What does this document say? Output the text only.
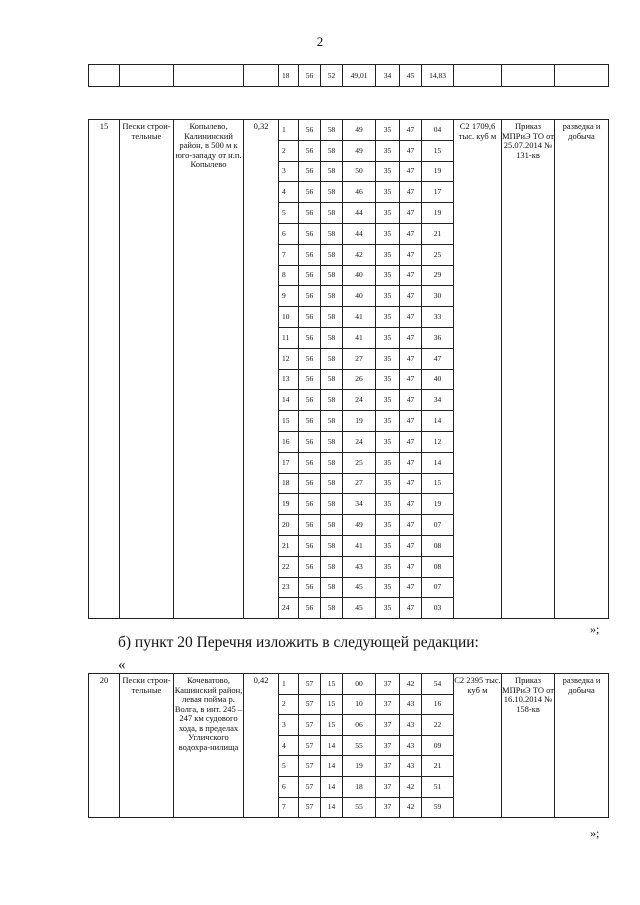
2
				18	56	52	49,01	34	45	14,83			
15	Пески строи-тельные	Копылево, Калининский район, в 500 м к юго-западу от н.п. Копылево	0,32	1	56	58	49	35	47	04	С2 1709,6 тыс. куб м	Приказ МПРиЭ ТО от 25.07.2014 № 131-кв	разведка и добыча

				2	56	58	49	35	47	15			
				3	56	58	50	35	47	19			
				4	56	58	46	35	47	17			
				5	56	58	44	35	47	19			
				6	56	58	44	35	47	21			
				7	56	58	42	35	47	25			
				8	56	58	40	35	47	29			
				9	56	58	40	35	47	30			
				10	56	58	41	35	47	33			
				11	56	58	41	35	47	36			
				12	56	58	27	35	47	47			
				13	56	58	26	35	47	40			
				14	56	58	24	35	47	34			
				15	56	58	19	35	47	14			
				16	56	58	24	35	47	12			
				17	56	58	25	35	47	14			
				18	56	58	27	35	47	15			
				19	56	58	34	35	47	19			
				20	56	58	49	35	47	07			
				21	56	58	41	35	47	08			
				22	56	58	43	35	47	08			
				23	56	58	45	35	47	07			
				24	56	58	45	35	47	03			
»;
б) пункт 20 Перечня изложить в следующей редакции:
«
20	Пески строи-тельные	Кочеватово, Кашинский район, левая пойма р. Волга, в инт. 245 – 247 км судового хода, в пределах Угличского водохра-нилища	0,42	1	57	15	00	37	42	54	С2 2395 тыс. куб м	Приказ МПРиЭ ТО от 16.10.2014 № 158-кв	разведка и добыча

				2	57	15	10	37	43	16			
				3	57	15	06	37	43	22			
				4	57	14	55	37	43	09			
				5	57	14	19	37	43	21			
				6	57	14	18	37	42	51			
				7	57	14	55	37	42	59			
»;
